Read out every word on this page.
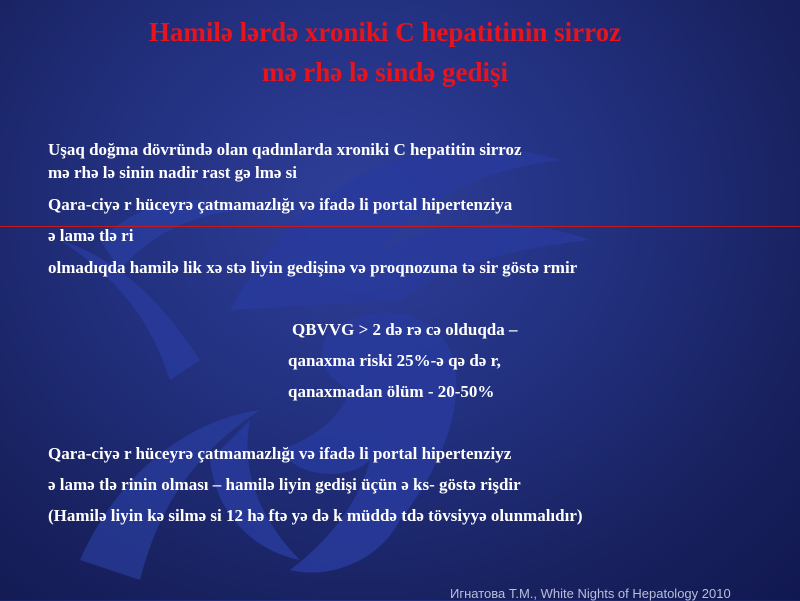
Hamilə lərdə xroniki C hepatitinin sirroz
mə rhə lə sində gedişi
Uşaq doğma dövründə olan qadınlarda xroniki C hepatitin sirroz
mə rhə lə sinin nadir rast gə lmə si
Qara-ciyə r hüceyrə çatmamazlığı və ifadə li portal hipertenziya
ə lamə tlə ri
olmadıqda hamilə lik xə stə liyin gedişinə və proqnozuna tə sir göstə rmir
QBVVG > 2 də rə cə olduqda –
qanaxma riski 25%-ə qə də r,
qanaxmadan ölüm - 20-50%
Qara-ciyə r hüceyrə çatmamazlığı və ifadə li portal hipertenziyz
ə lamə tlə rinin olması – hamilə liyin gedişi üçün ə ks- göstə rişdir
(Hamilə liyin kə silmə si 12 hə ftə yə də k müddə tdə tövsiyyə olunmalıdır)
Игнатова Т.М., White Nights of Hepatology 2010
